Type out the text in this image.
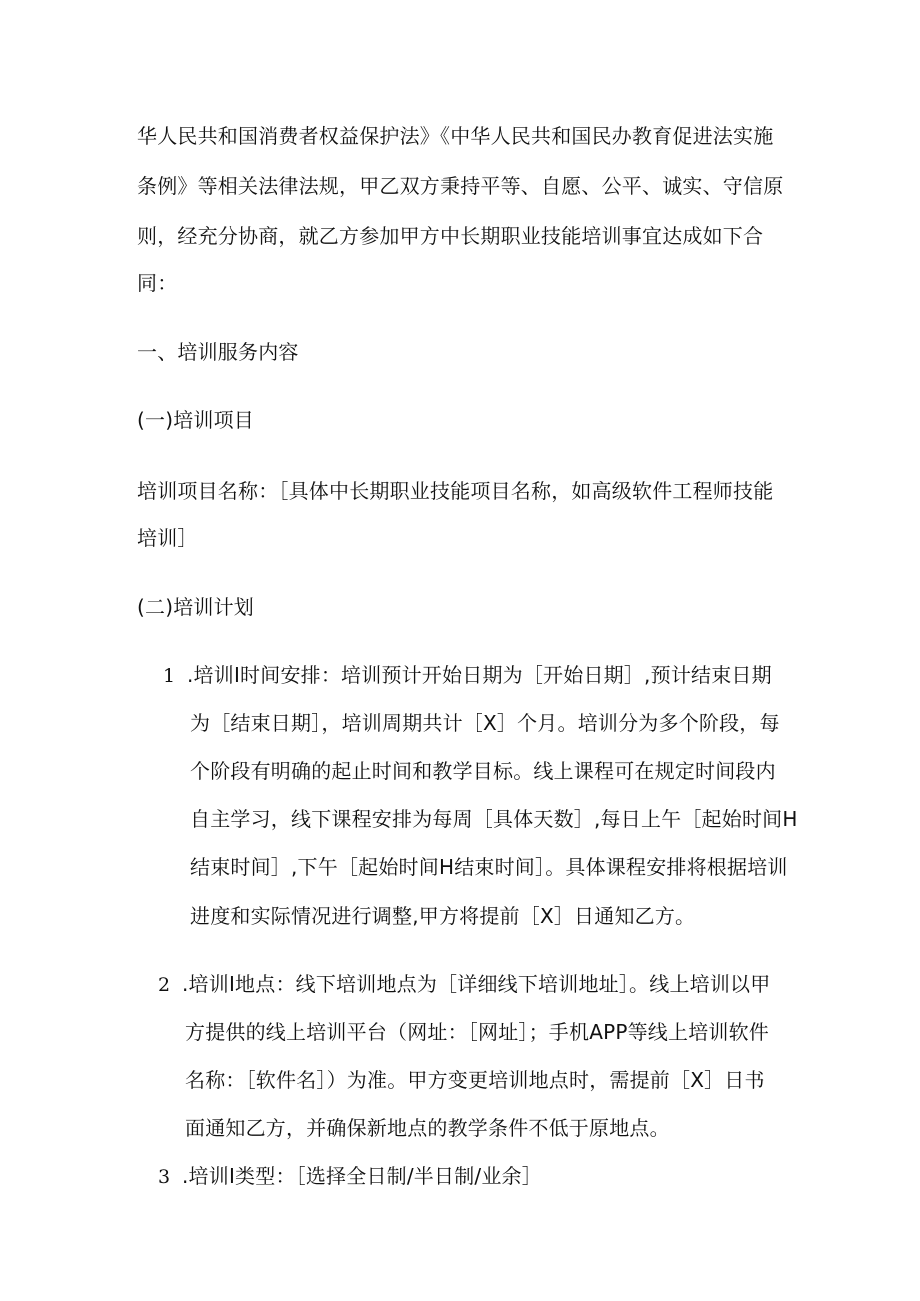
华人民共和国消费者权益保护法》《中华人民共和国民办教育促进法实施
条例》等相关法律法规，甲乙双方秉持平等、自愿、公平、诚实、守信原
则，经充分协商，就乙方参加甲方中长期职业技能培训事宜达成如下合
同：
一、培训服务内容
(一)培训项目
培训项目名称：［具体中长期职业技能项目名称，如高级软件工程师技能
培训］
(二)培训计划
1 .培训I时间安排：培训预计开始日期为［开始日期］,预计结束日期
为［结束日期］，培训周期共计［X］个月。培训分为多个阶段，每
个阶段有明确的起止时间和教学目标。线上课程可在规定时间段内
自主学习，线下课程安排为每周［具体天数］,每日上午［起始时间H
结束时间］,下午［起始时间H结束时间］。具体课程安排将根据培训
进度和实际情况进行调整,甲方将提前［X］日通知乙方。
2 .培训I地点：线下培训地点为［详细线下培训地址］。线上培训以甲
方提供的线上培训平台（网址：［网址］；手机APP等线上培训软件
名称：［软件名］）为准。甲方变更培训地点时，需提前［X］日书
面通知乙方，并确保新地点的教学条件不低于原地点。
3 .培训I类型：［选择全日制/半日制/业余］
